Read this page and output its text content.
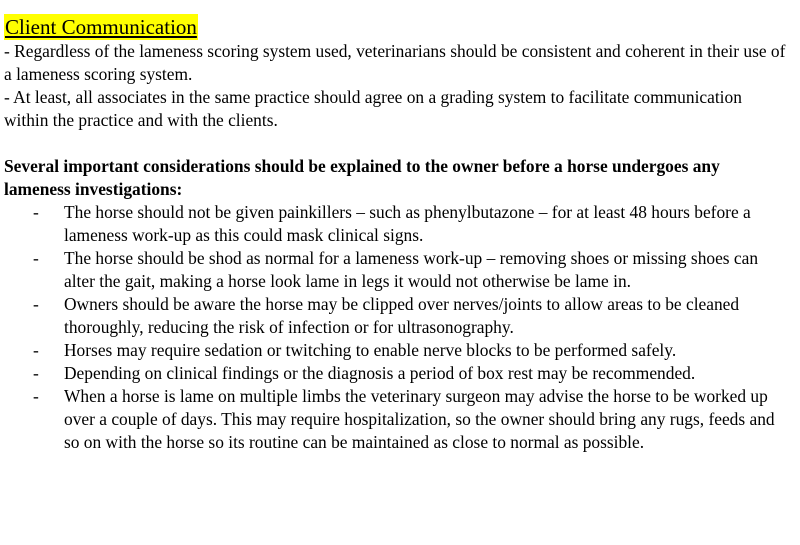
Client Communication

- Regardless of the lameness scoring system used, veterinarians should be consistent and coherent in their use of a lameness scoring system.

- At least, all associates in the same practice should agree on a grading system to facilitate communication within the practice and with the clients.

Several important considerations should be explained to the owner before a horse undergoes any lameness investigations:

- The horse should not be given painkillers – such as phenylbutazone – for at least 48 hours before a lameness work-up as this could mask clinical signs.
- The horse should be shod as normal for a lameness work-up – removing shoes or missing shoes can alter the gait, making a horse look lame in legs it would not otherwise be lame in.
- Owners should be aware the horse may be clipped over nerves/joints to allow areas to be cleaned thoroughly, reducing the risk of infection or for ultrasonography.
- Horses may require sedation or twitching to enable nerve blocks to be performed safely.
- Depending on clinical findings or the diagnosis a period of box rest may be recommended.
- When a horse is lame on multiple limbs the veterinary surgeon may advise the horse to be worked up over a couple of days. This may require hospitalization, so the owner should bring any rugs, feeds and so on with the horse so its routine can be maintained as close to normal as possible.
